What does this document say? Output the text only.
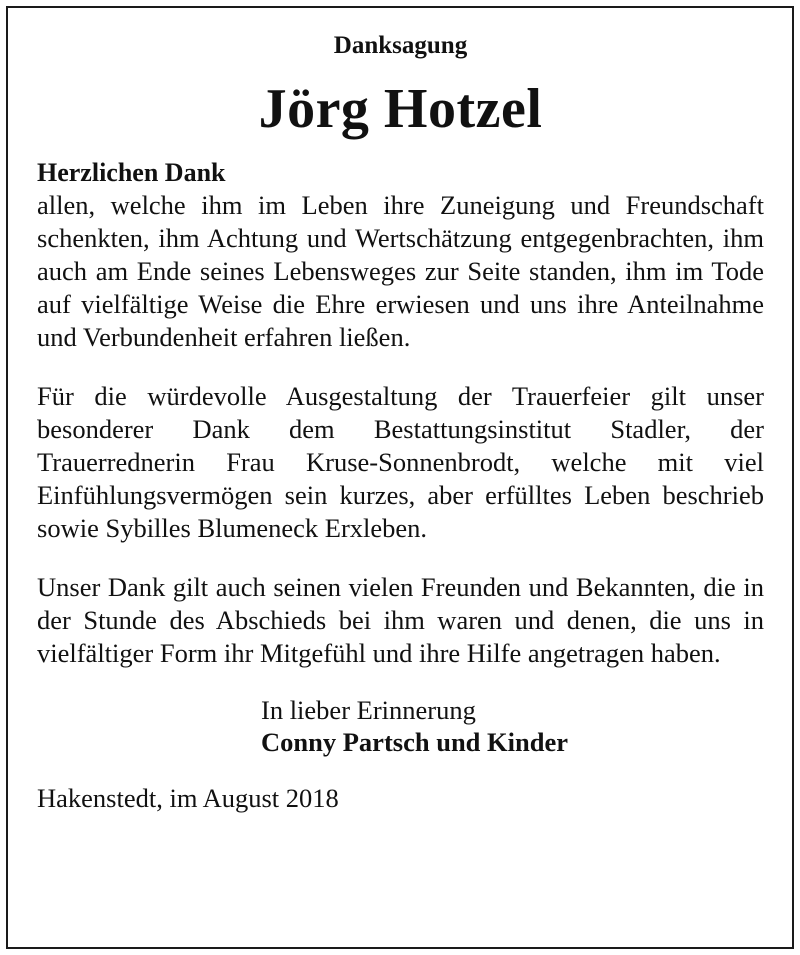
Danksagung
Jörg Hotzel
Herzlichen Dank

allen, welche ihm im Leben ihre Zuneigung und Freundschaft schenkten, ihm Achtung und Wertschätzung entgegenbrachten, ihm auch am Ende seines Lebensweges zur Seite standen, ihm im Tode auf vielfältige Weise die Ehre erwiesen und uns ihre Anteilnahme und Verbundenheit erfahren ließen.

Für die würdevolle Ausgestaltung der Trauerfeier gilt unser besonderer Dank dem Bestattungsinstitut Stadler, der Trauerrednerin Frau Kruse-Sonnenbrodt, welche mit viel Einfühlungsvermögen sein kurzes, aber erfülltes Leben beschrieb sowie Sybilles Blumeneck Erxleben.

Unser Dank gilt auch seinen vielen Freunden und Bekannten, die in der Stunde des Abschieds bei ihm waren und denen, die uns in vielfältiger Form ihr Mitgefühl und ihre Hilfe angetragen haben.

In lieber Erinnerung
Conny Partsch und Kinder
Hakenstedt, im August 2018
